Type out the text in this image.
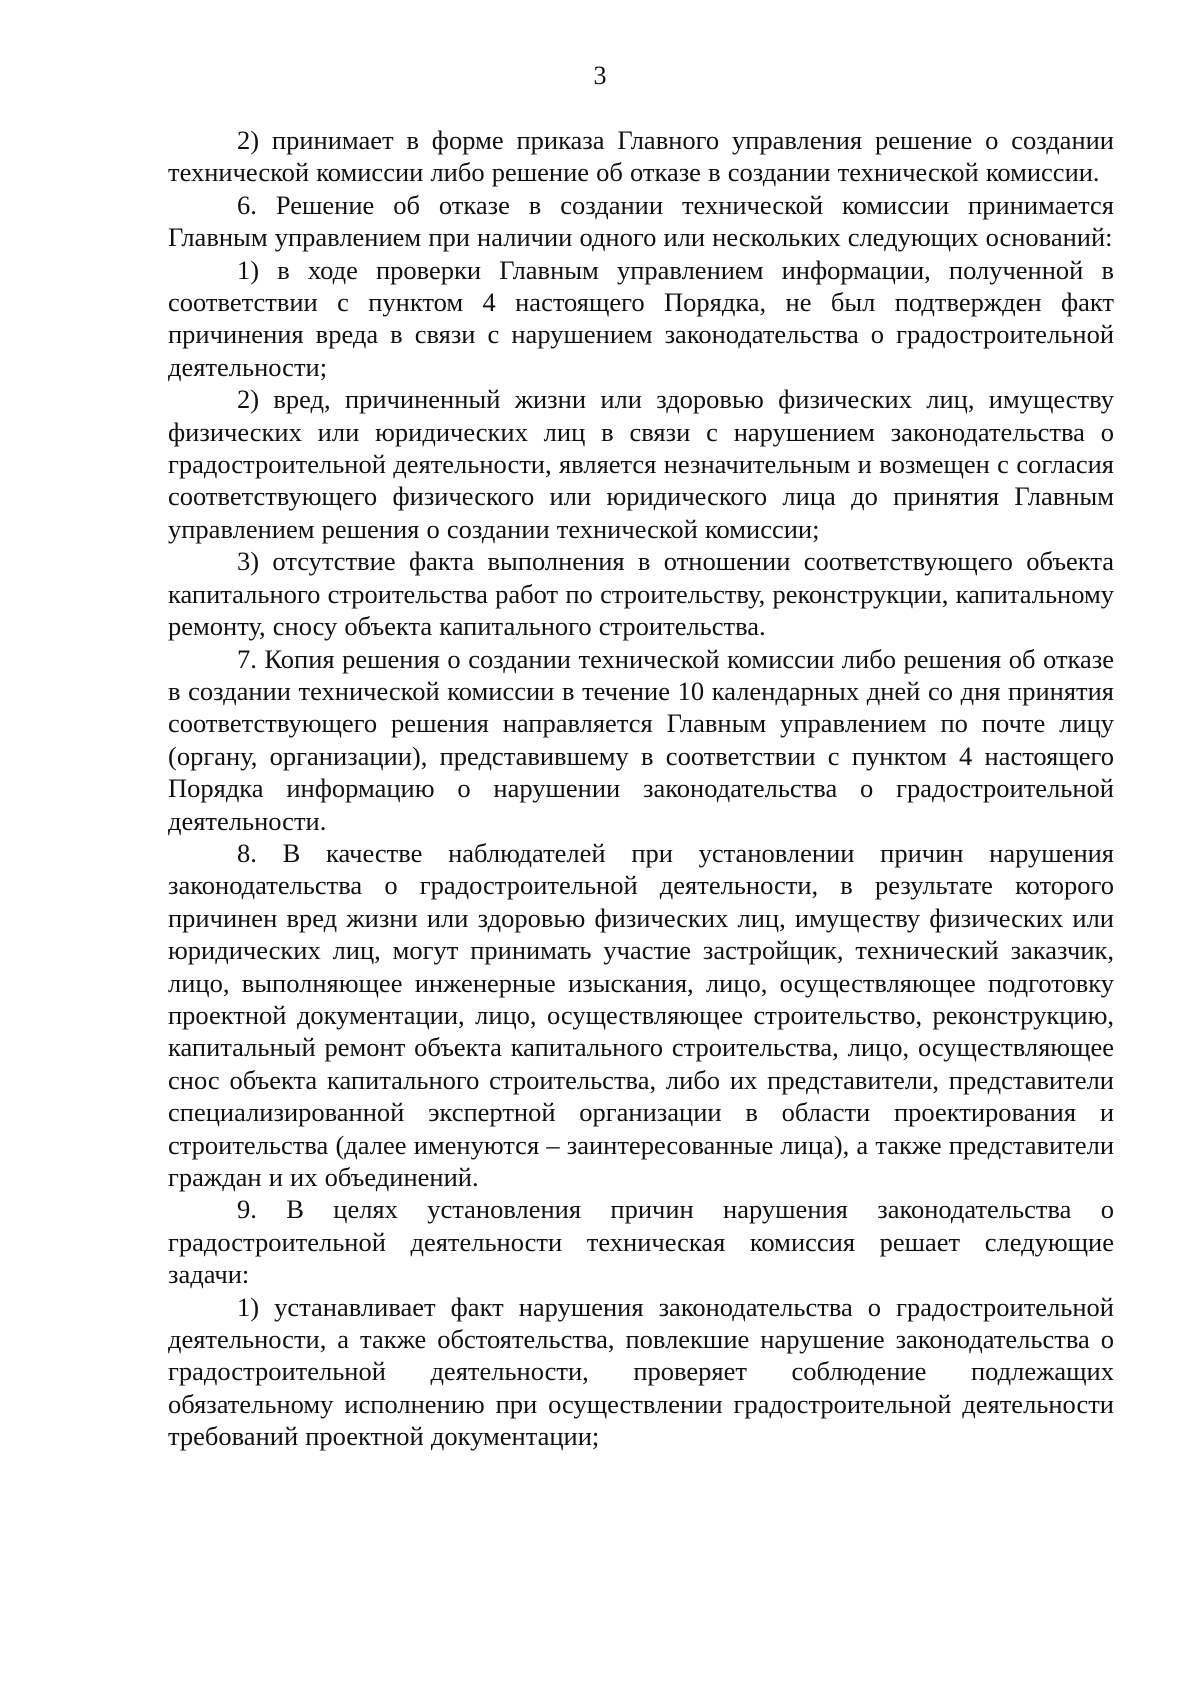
3

2) принимает в форме приказа Главного управления решение о создании технической комиссии либо решение об отказе в создании технической комиссии.

6. Решение об отказе в создании технической комиссии принимается Главным управлением при наличии одного или нескольких следующих оснований:

1) в ходе проверки Главным управлением информации, полученной в соответствии с пунктом 4 настоящего Порядка, не был подтвержден факт причинения вреда в связи с нарушением законодательства о градостроительной деятельности;

2) вред, причиненный жизни или здоровью физических лиц, имуществу физических или юридических лиц в связи с нарушением законодательства о градостроительной деятельности, является незначительным и возмещен с согласия соответствующего физического или юридического лица до принятия Главным управлением решения о создании технической комиссии;

3) отсутствие факта выполнения в отношении соответствующего объекта капитального строительства работ по строительству, реконструкции, капитальному ремонту, сносу объекта капитального строительства.

7. Копия решения о создании технической комиссии либо решения об отказе в создании технической комиссии в течение 10 календарных дней со дня принятия соответствующего решения направляется Главным управлением по почте лицу (органу, организации), представившему в соответствии с пунктом 4 настоящего Порядка информацию о нарушении законодательства о градостроительной деятельности.

8. В качестве наблюдателей при установлении причин нарушения законодательства о градостроительной деятельности, в результате которого причинен вред жизни или здоровью физических лиц, имуществу физических или юридических лиц, могут принимать участие застройщик, технический заказчик, лицо, выполняющее инженерные изыскания, лицо, осуществляющее подготовку проектной документации, лицо, осуществляющее строительство, реконструкцию, капитальный ремонт объекта капитального строительства, лицо, осуществляющее снос объекта капитального строительства, либо их представители, представители специализированной экспертной организации в области проектирования и строительства (далее именуются – заинтересованные лица), а также представители граждан и их объединений.

9. В целях установления причин нарушения законодательства о градостроительной деятельности техническая комиссия решает следующие задачи:

1) устанавливает факт нарушения законодательства о градостроительной деятельности, а также обстоятельства, повлекшие нарушение законодательства о градостроительной деятельности, проверяет соблюдение подлежащих обязательному исполнению при осуществлении градостроительной деятельности требований проектной документации;
